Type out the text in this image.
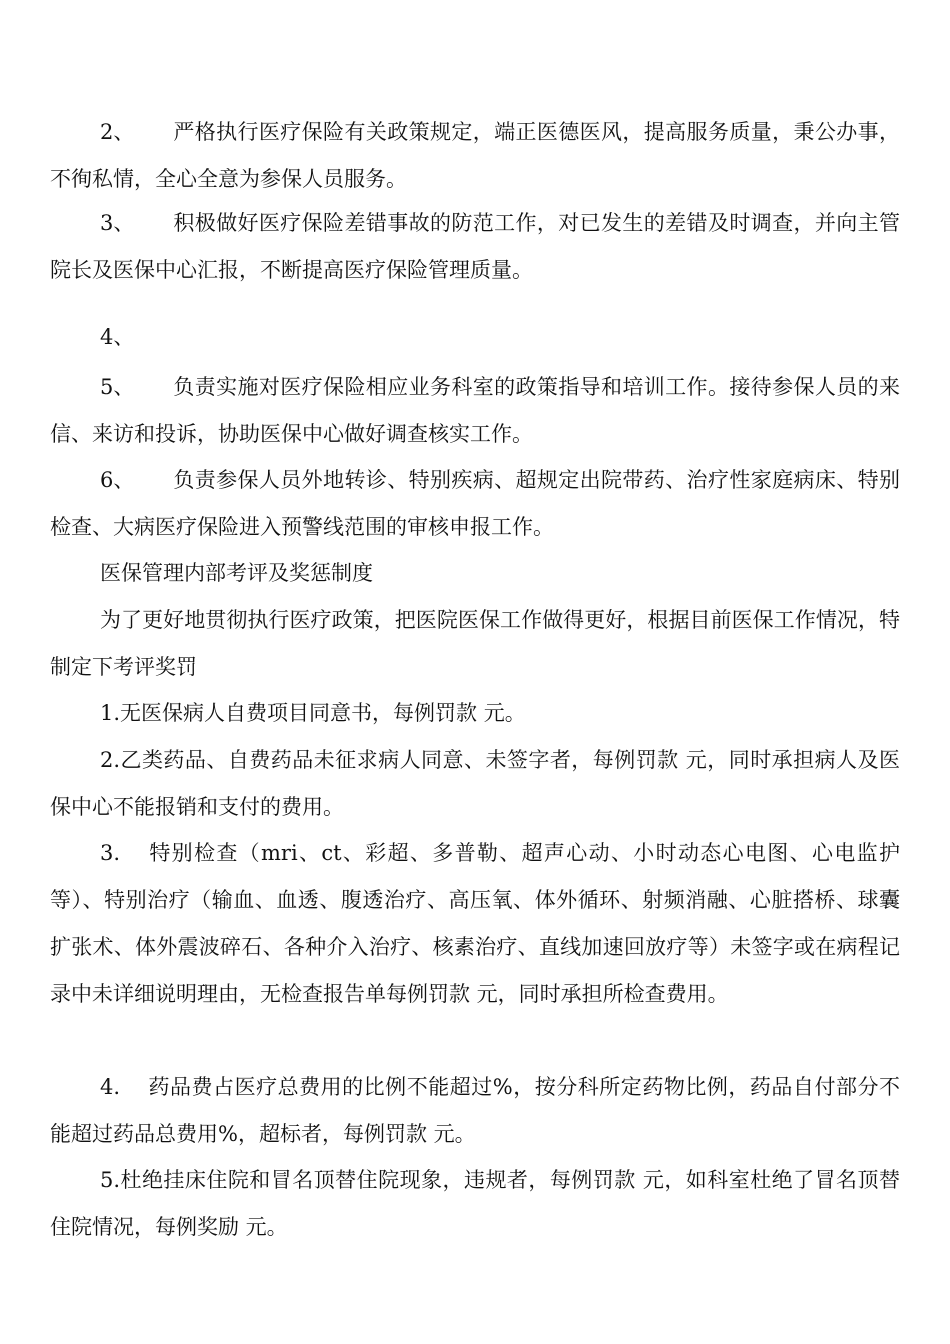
2、 严格执行医疗保险有关政策规定，端正医德医风，提高服务质量，秉公办事，不徇私情，全心全意为参保人员服务。

3、 积极做好医疗保险差错事故的防范工作，对已发生的差错及时调查，并向主管院长及医保中心汇报，不断提高医疗保险管理质量。

4、

5、 负责实施对医疗保险相应业务科室的政策指导和培训工作。接待参保人员的来信、来访和投诉，协助医保中心做好调查核实工作。

6、 负责参保人员外地转诊、特别疾病、超规定出院带药、治疗性家庭病床、特别检查、大病医疗保险进入预警线范围的审核申报工作。

医保管理内部考评及奖惩制度

为了更好地贯彻执行医疗政策，把医院医保工作做得更好，根据目前医保工作情况，特制定下考评奖罚

1.无医保病人自费项目同意书，每例罚款 元。

2.乙类药品、自费药品未征求病人同意、未签字者，每例罚款 元，同时承担病人及医保中心不能报销和支付的费用。

3. 特别检查（mri、ct、彩超、多普勒、超声心动、小时动态心电图、心电监护等）、特别治疗（输血、血透、腹透治疗、高压氧、体外循环、射频消融、心脏搭桥、球囊扩张术、体外震波碎石、各种介入治疗、核素治疗、直线加速回放疗等）未签字或在病程记录中未详细说明理由，无检查报告单每例罚款 元，同时承担所检查费用。

4. 药品费占医疗总费用的比例不能超过%，按分科所定药物比例，药品自付部分不能超过药品总费用%，超标者，每例罚款 元。

5.杜绝挂床住院和冒名顶替住院现象，违规者，每例罚款 元，如科室杜绝了冒名顶替住院情况，每例奖励 元。
